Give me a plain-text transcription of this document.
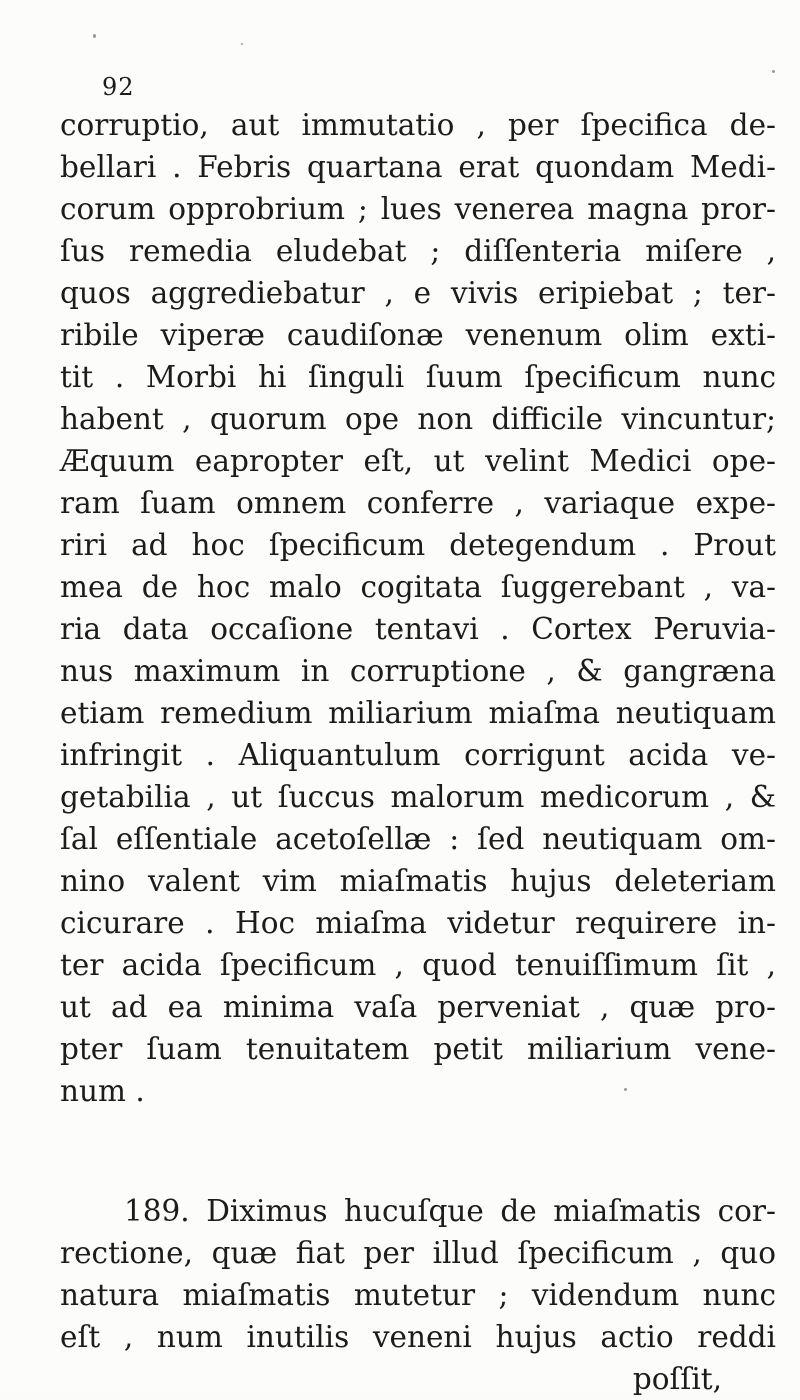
92
corruptio, aut immutatio , per ſpecifica de-
bellari . Febris quartana erat quondam Medi-
corum opprobrium ; lues venerea magna pror-
ſus remedia eludebat ; diſſenteria miſere ,
quos aggrediebatur , e vivis eripiebat ; ter-
ribile viperæ caudiſonæ venenum olim exti-
tit . Morbi hi ſinguli ſuum ſpecificum nunc
habent , quorum ope non difficile vincuntur;
Æquum eapropter eſt, ut velint Medici ope-
ram ſuam omnem conferre , variaque expe-
riri ad hoc ſpecificum detegendum . Prout
mea de hoc malo cogitata ſuggerebant , va-
ria data occaſione tentavi . Cortex Peruvia-
nus maximum in corruptione , & gangræna
etiam remedium miliarium miaſma neutiquam
infringit . Aliquantulum corrigunt acida ve-
getabilia , ut ſuccus malorum medicorum , &
ſal eſſentiale acetoſellæ : ſed neutiquam om-
nino valent vim miaſmatis hujus deleteriam
cicurare . Hoc miaſma videtur requirere in-
ter acida ſpecificum , quod tenuiſſimum ſit ,
ut ad ea minima vaſa perveniat , quæ pro-
pter ſuam tenuitatem petit miliarium vene-
num .
189. Diximus hucuſque de miaſmatis cor-
rectione, quæ fiat per illud ſpecificum , quo
natura miaſmatis mutetur ; videndum nunc
eſt , num inutilis veneni hujus actio reddi
poſſit,
